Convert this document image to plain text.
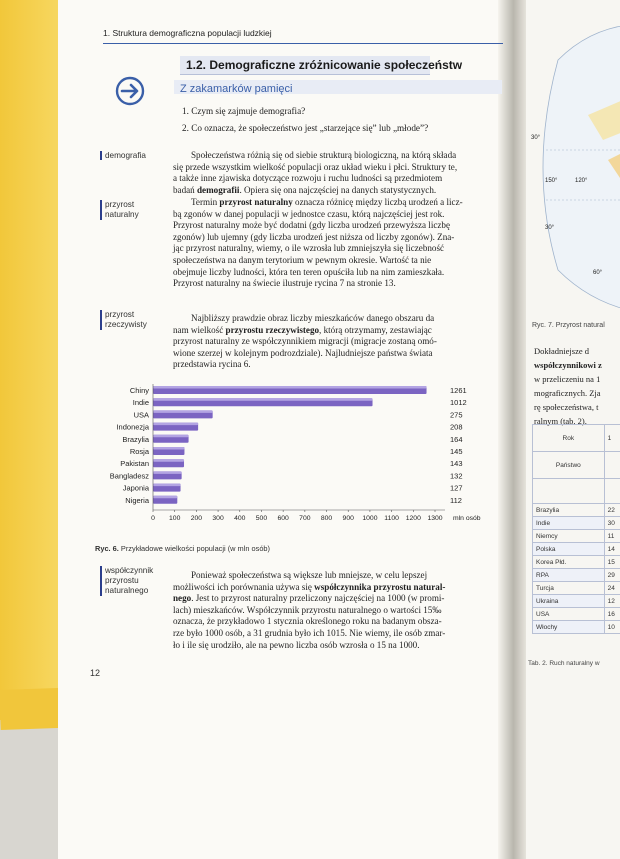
1. Struktura demograficzna populacji ludzkiej
1.2. Demograficzne zróżnicowanie społeczeństw
Z zakamarków pamięci
1. Czym się zajmuje demografia?
2. Co oznacza, że społeczeństwo jest „starzejące się” lub „młode”?
demografia
przyrost
naturalny
przyrost
rzeczywisty
współczynnik
przyrostu
naturalnego
Społeczeństwa różnią się od siebie strukturą biologiczną, na którą składa
się przede wszystkim wielkość populacji oraz układ wieku i płci. Struktury te,
a także inne zjawiska dotyczące rozwoju i ruchu ludności są przedmiotem
badań demografii. Opiera się ona najczęściej na danych statystycznych.
Termin przyrost naturalny oznacza różnicę między liczbą urodzeń a licz-
bą zgonów w danej populacji w jednostce czasu, którą najczęściej jest rok.
Przyrost naturalny może być dodatni (gdy liczba urodzeń przewyższa liczbę
zgonów) lub ujemny (gdy liczba urodzeń jest niższa od liczby zgonów). Zna-
jąc przyrost naturalny, wiemy, o ile wzrosła lub zmniejszyła się liczebność
społeczeństwa na danym terytorium w pewnym okresie. Wartość ta nie
obejmuje liczby ludności, która ten teren opuściła lub na nim zamieszkała.
Przyrost naturalny na świecie ilustruje rycina 7 na stronie 13.
Najbliższy prawdzie obraz liczby mieszkańców danego obszaru da
nam wielkość przyrostu rzeczywistego, którą otrzymamy, zestawiając
przyrost naturalny ze współczynnikiem migracji (migracje zostaną omó-
wione szerzej w kolejnym podrozdziale). Najludniejsze państwa świata
przedstawia rycina 6.
Chiny	1261
Indie	1012
USA	275
Indonezja	208
Brazylia	164
Rosja	145
Pakistan	143
Bangladesz	132
Japonia	127
Nigeria	112
0 100 200 300 400 500 600 700 800 900 1000 1100 1200 1300 mln osób
Ryc. 6. Przykładowe wielkości populacji (w mln osób)
Ponieważ społeczeństwa są większe lub mniejsze, w celu lepszej
możliwości ich porównania używa się współczynnika przyrostu natural-
nego. Jest to przyrost naturalny przeliczony najczęściej na 1000 (w promi-
lach) mieszkańców. Współczynnik przyrostu naturalnego o wartości 15‰
oznacza, że przykładowo 1 stycznia określonego roku na badanym obsza-
rze było 1000 osób, a 31 grudnia było ich 1015. Nie wiemy, ile osób zmar-
ło i ile się urodziło, ale na pewno liczba osób wzrosła o 15 na 1000.
12
30°
150°	120°
30°
60°
Ryc. 7. Przyrost natural
Dokładniejsze d
współczynnikowi z
w przeliczeniu na 1
mograficznych. Zja
rę społeczeństwa, t
ralnym (tab. 2).
Rok	1
Państwo	

Brazylia	22
Indie	30
Niemcy	11
Polska	14
Korea Płd.	15
RPA	29
Turcja	24
Ukraina	12
USA	16
Włochy	10
Tab. 2. Ruch naturalny w
